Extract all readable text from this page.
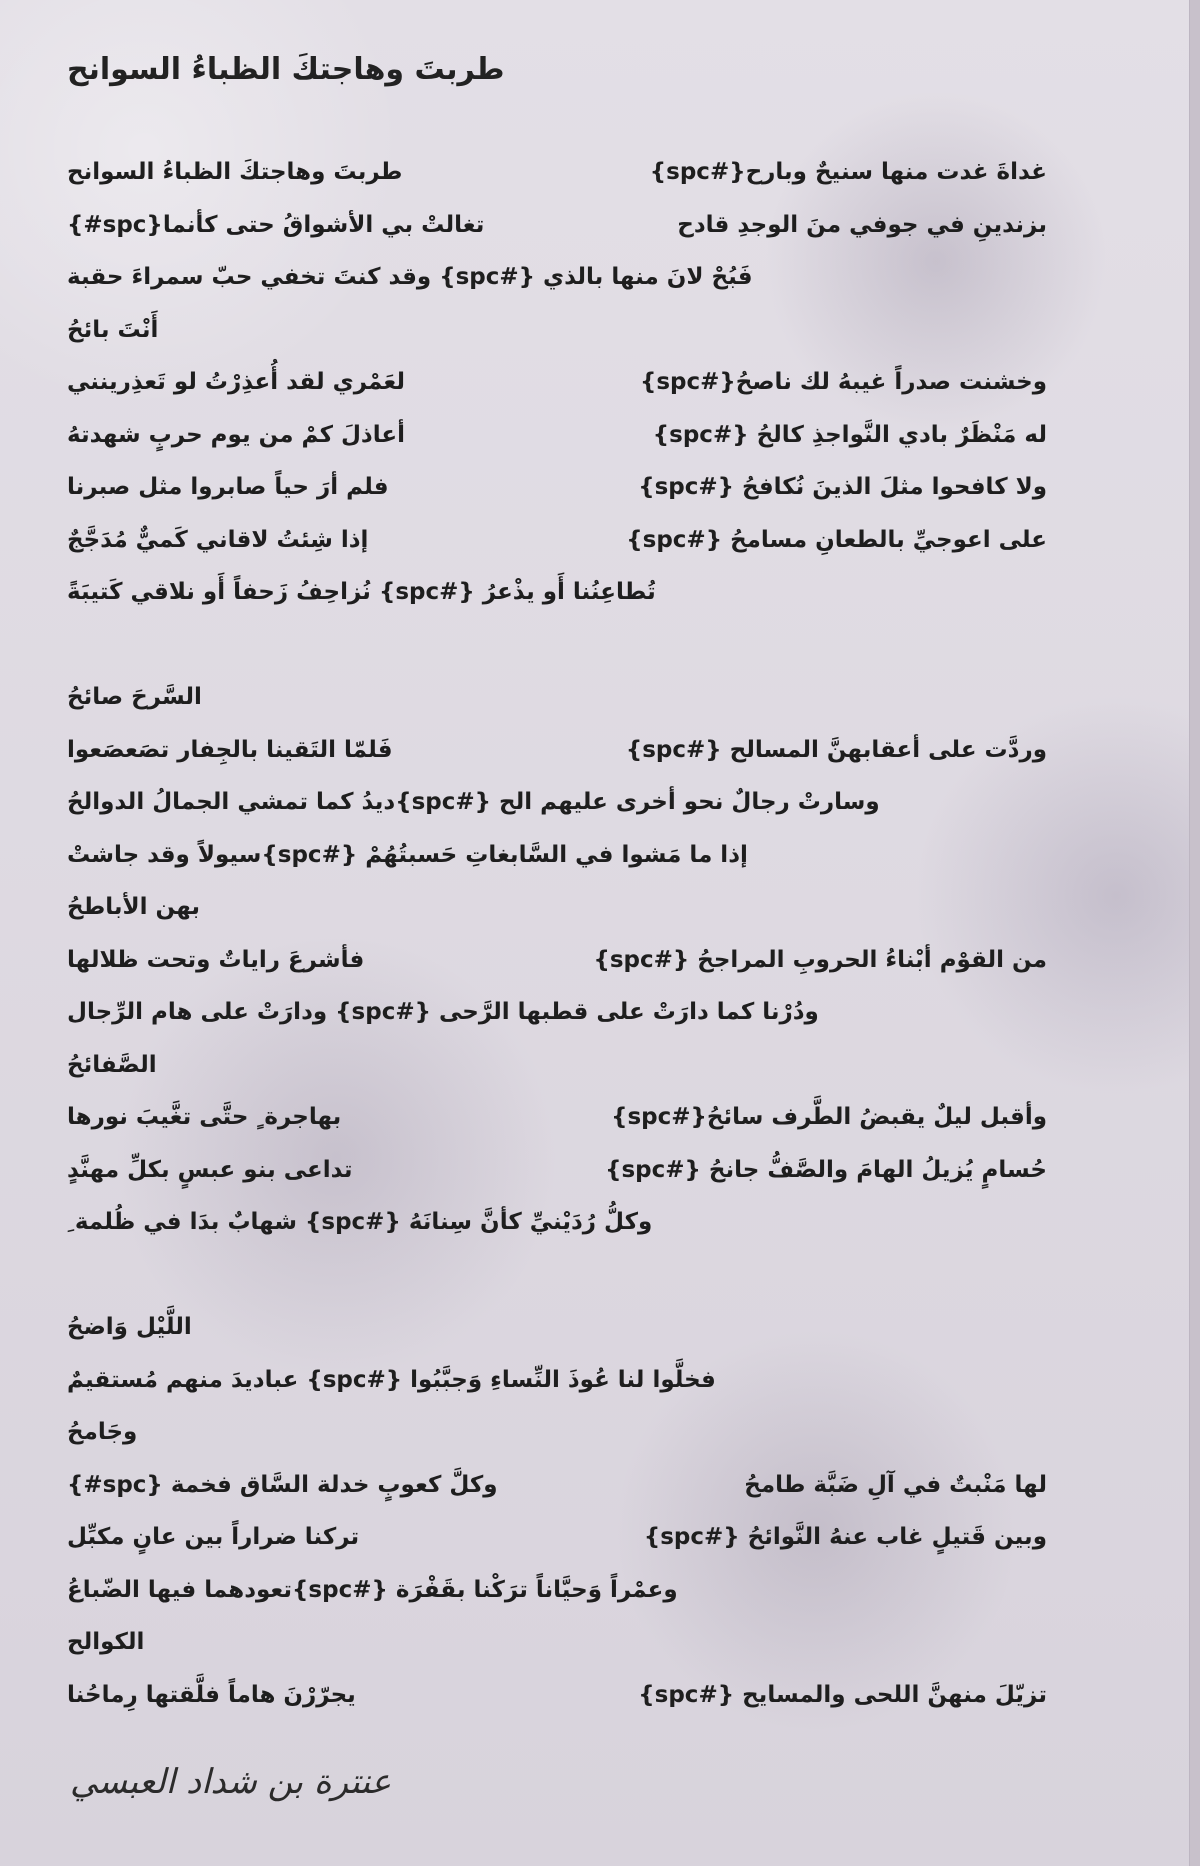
طربتَ وهاجتكَ الظباءُ السوانح
غداةَ غدت منها سنيحٌ وبارح{#spc}
طربتَ وهاجتكَ الظباءُ السوانح
بزندينِ في جوفي منَ الوجدِ قادح
{#spc}تغالتْ بي الأشواقُ حتى كأنما
فَبُحْ لانَ منها بالذي {#spc} وقد كنتَ تخفي حبّ سمراءَ حقبة
أَنْتَ بائحُ
وخشنت صدراً غيبهُ لك ناصحُ{#spc}
لعَمْري لقد أُعذِرْتُ لو تَعذِرينني
له مَنْظَرٌ بادي النَّواجذِ كالحُ {#spc}
أعاذلَ كمْ من يوم حربٍ شهدتهُ
ولا كافحوا مثلَ الذينَ نُكافحُ {#spc}
فلم أرَ حياً صابروا مثل صبرنا
على اعوجيِّ بالطعانِ مسامحُ {#spc}
إذا شِئتُ لاقاني كَميٌّ مُدَجَّجٌ
تُطاعِنُنا أَو يذْعرُ {#spc} نُزاحِفُ زَحفاً أَو نلاقي كَتيبَةً
السَّرحَ صائحُ
وردَّت على أعقابهنَّ المسالح {#spc}
فَلمّا التَقينا بالجِفار تصَعصَعوا
وسارتْ رجالٌ نحو أخرى عليهم الح {#spc}ديدُ كما تمشي الجمالُ الدوالحُ
إذا ما مَشوا في السَّابغاتِ حَسبتُهُمْ {#spc}سيولاً وقد جاشتْ
بهن الأباطحُ
من القوْم أبْناءُ الحروبِ المراجحُ {#spc}
فأشرعَ راياتٌ وتحت ظلالها
ودُرْنا كما دارَتْ على قطبها الرَّحى {#spc} ودارَتْ على هام الرِّجال
الصَّفائحُ
وأقبل ليلٌ يقبضُ الطَّرف سائحُ{#spc}
بهاجرة ٍ حتَّى تغَّيبَ نورها
حُسامٍ يُزيلُ الهامَ والصَّفُّ جانحُ {#spc}
تداعى بنو عبسٍ بكلِّ مهنَّدٍ
وكلُّ رُدَيْنيِّ كأنَّ سِنانَهُ {#spc} شهابٌ بدَا في ظُلمة ِ
اللَّيْل وَاضحُ
فخلَّوا لنا عُوذَ النِّساءِ وَجبَّبُوا {#spc} عباديدَ منهم مُستقيمٌ
وجَامحُ
لها مَنْبتٌ في آلِ ضَبَّة طامحُ
{#spc} وكلَّ كعوبٍ خدلة السَّاق فخمة
وبين قَتيلٍ غاب عنهُ النَّوائحُ {#spc}
تركنا ضراراً بين عانٍ مكبِّل
وعمْراً وَحيَّاناً ترَكْنا بقَفْرَة {#spc}تعودهما فيها الضّباعُ
الكوالح
تزيّلَ منهنَّ اللحى والمسايح {#spc}
يجرّرْنَ هاماً فلَّقتها رِماحُنا
عنترة بن شداد العبسي
